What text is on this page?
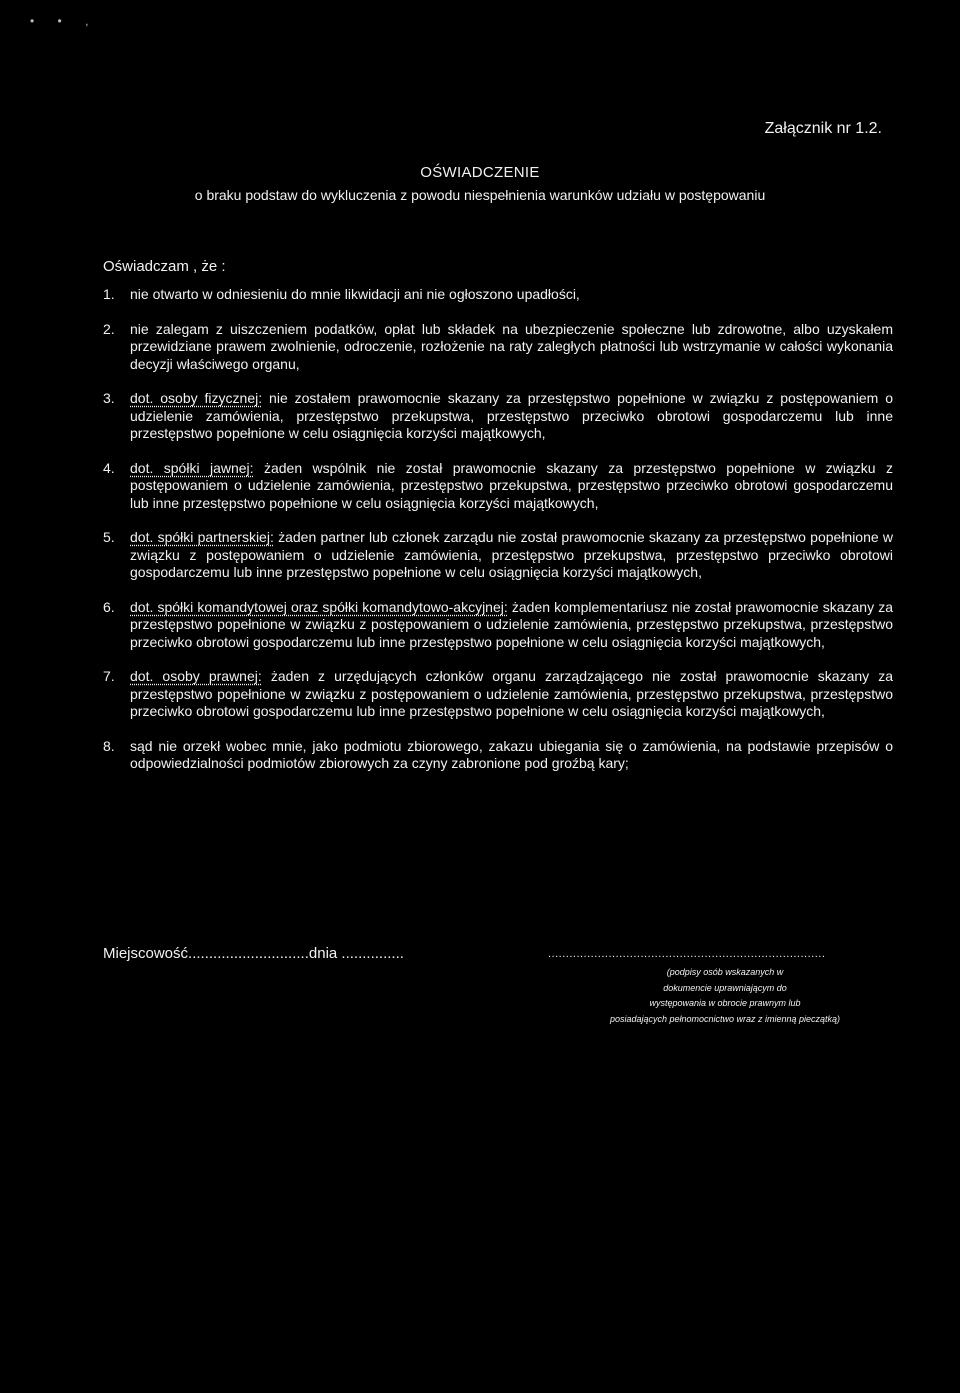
• • ,
Załącznik nr 1.2.
OŚWIADCZENIE
o braku podstaw do wykluczenia z powodu niespełnienia warunków udziału w postępowaniu
Oświadczam , że :
1.	nie otwarto w odniesieniu do mnie likwidacji ani nie ogłoszono upadłości,
2.	nie zalegam z uiszczeniem podatków, opłat lub składek na ubezpieczenie społeczne lub zdrowotne, albo uzyskałem przewidziane prawem zwolnienie, odroczenie, rozłożenie na raty zaległych płatności lub wstrzymanie w całości wykonania decyzji właściwego organu,
3.	dot. osoby fizycznej: nie zostałem prawomocnie skazany za przestępstwo popełnione w związku z postępowaniem o udzielenie zamówienia, przestępstwo przekupstwa, przestępstwo przeciwko obrotowi gospodarczemu lub inne przestępstwo popełnione w celu osiągnięcia korzyści majątkowych,
4.	dot. spółki jawnej: żaden wspólnik nie został prawomocnie skazany za przestępstwo popełnione w związku z postępowaniem o udzielenie zamówienia, przestępstwo przekupstwa, przestępstwo przeciwko obrotowi gospodarczemu lub inne przestępstwo popełnione w celu osiągnięcia korzyści majątkowych,
5.	dot. spółki partnerskiej: żaden partner lub członek zarządu nie został prawomocnie skazany za przestępstwo popełnione w związku z postępowaniem o udzielenie zamówienia, przestępstwo przekupstwa, przestępstwo przeciwko obrotowi gospodarczemu lub inne przestępstwo popełnione w celu osiągnięcia korzyści majątkowych,
6.	dot. spółki komandytowej oraz spółki komandytowo-akcyjnej: żaden komplementariusz nie został prawomocnie skazany za przestępstwo popełnione w związku z postępowaniem o udzielenie zamówienia, przestępstwo przekupstwa, przestępstwo przeciwko obrotowi gospodarczemu lub inne przestępstwo popełnione w celu osiągnięcia korzyści majątkowych,
7.	dot. osoby prawnej: żaden z urzędujących członków organu zarządzającego nie został prawomocnie skazany za przestępstwo popełnione w związku z postępowaniem o udzielenie zamówienia, przestępstwo przekupstwa, przestępstwo przeciwko obrotowi gospodarczemu lub inne przestępstwo popełnione w celu osiągnięcia korzyści majątkowych,
8.	sąd nie orzekł wobec mnie, jako podmiotu zbiorowego, zakazu ubiegania się o zamówienia, na podstawie przepisów o odpowiedzialności podmiotów zbiorowych za czyny zabronione pod groźbą kary;
Miejscowość.............................dnia ...............	..............................................................................
(podpisy osób wskazanych w
dokumencie uprawniającym do
występowania w obrocie prawnym lub
posiadających pełnomocnictwo wraz z imienną pieczątką)
